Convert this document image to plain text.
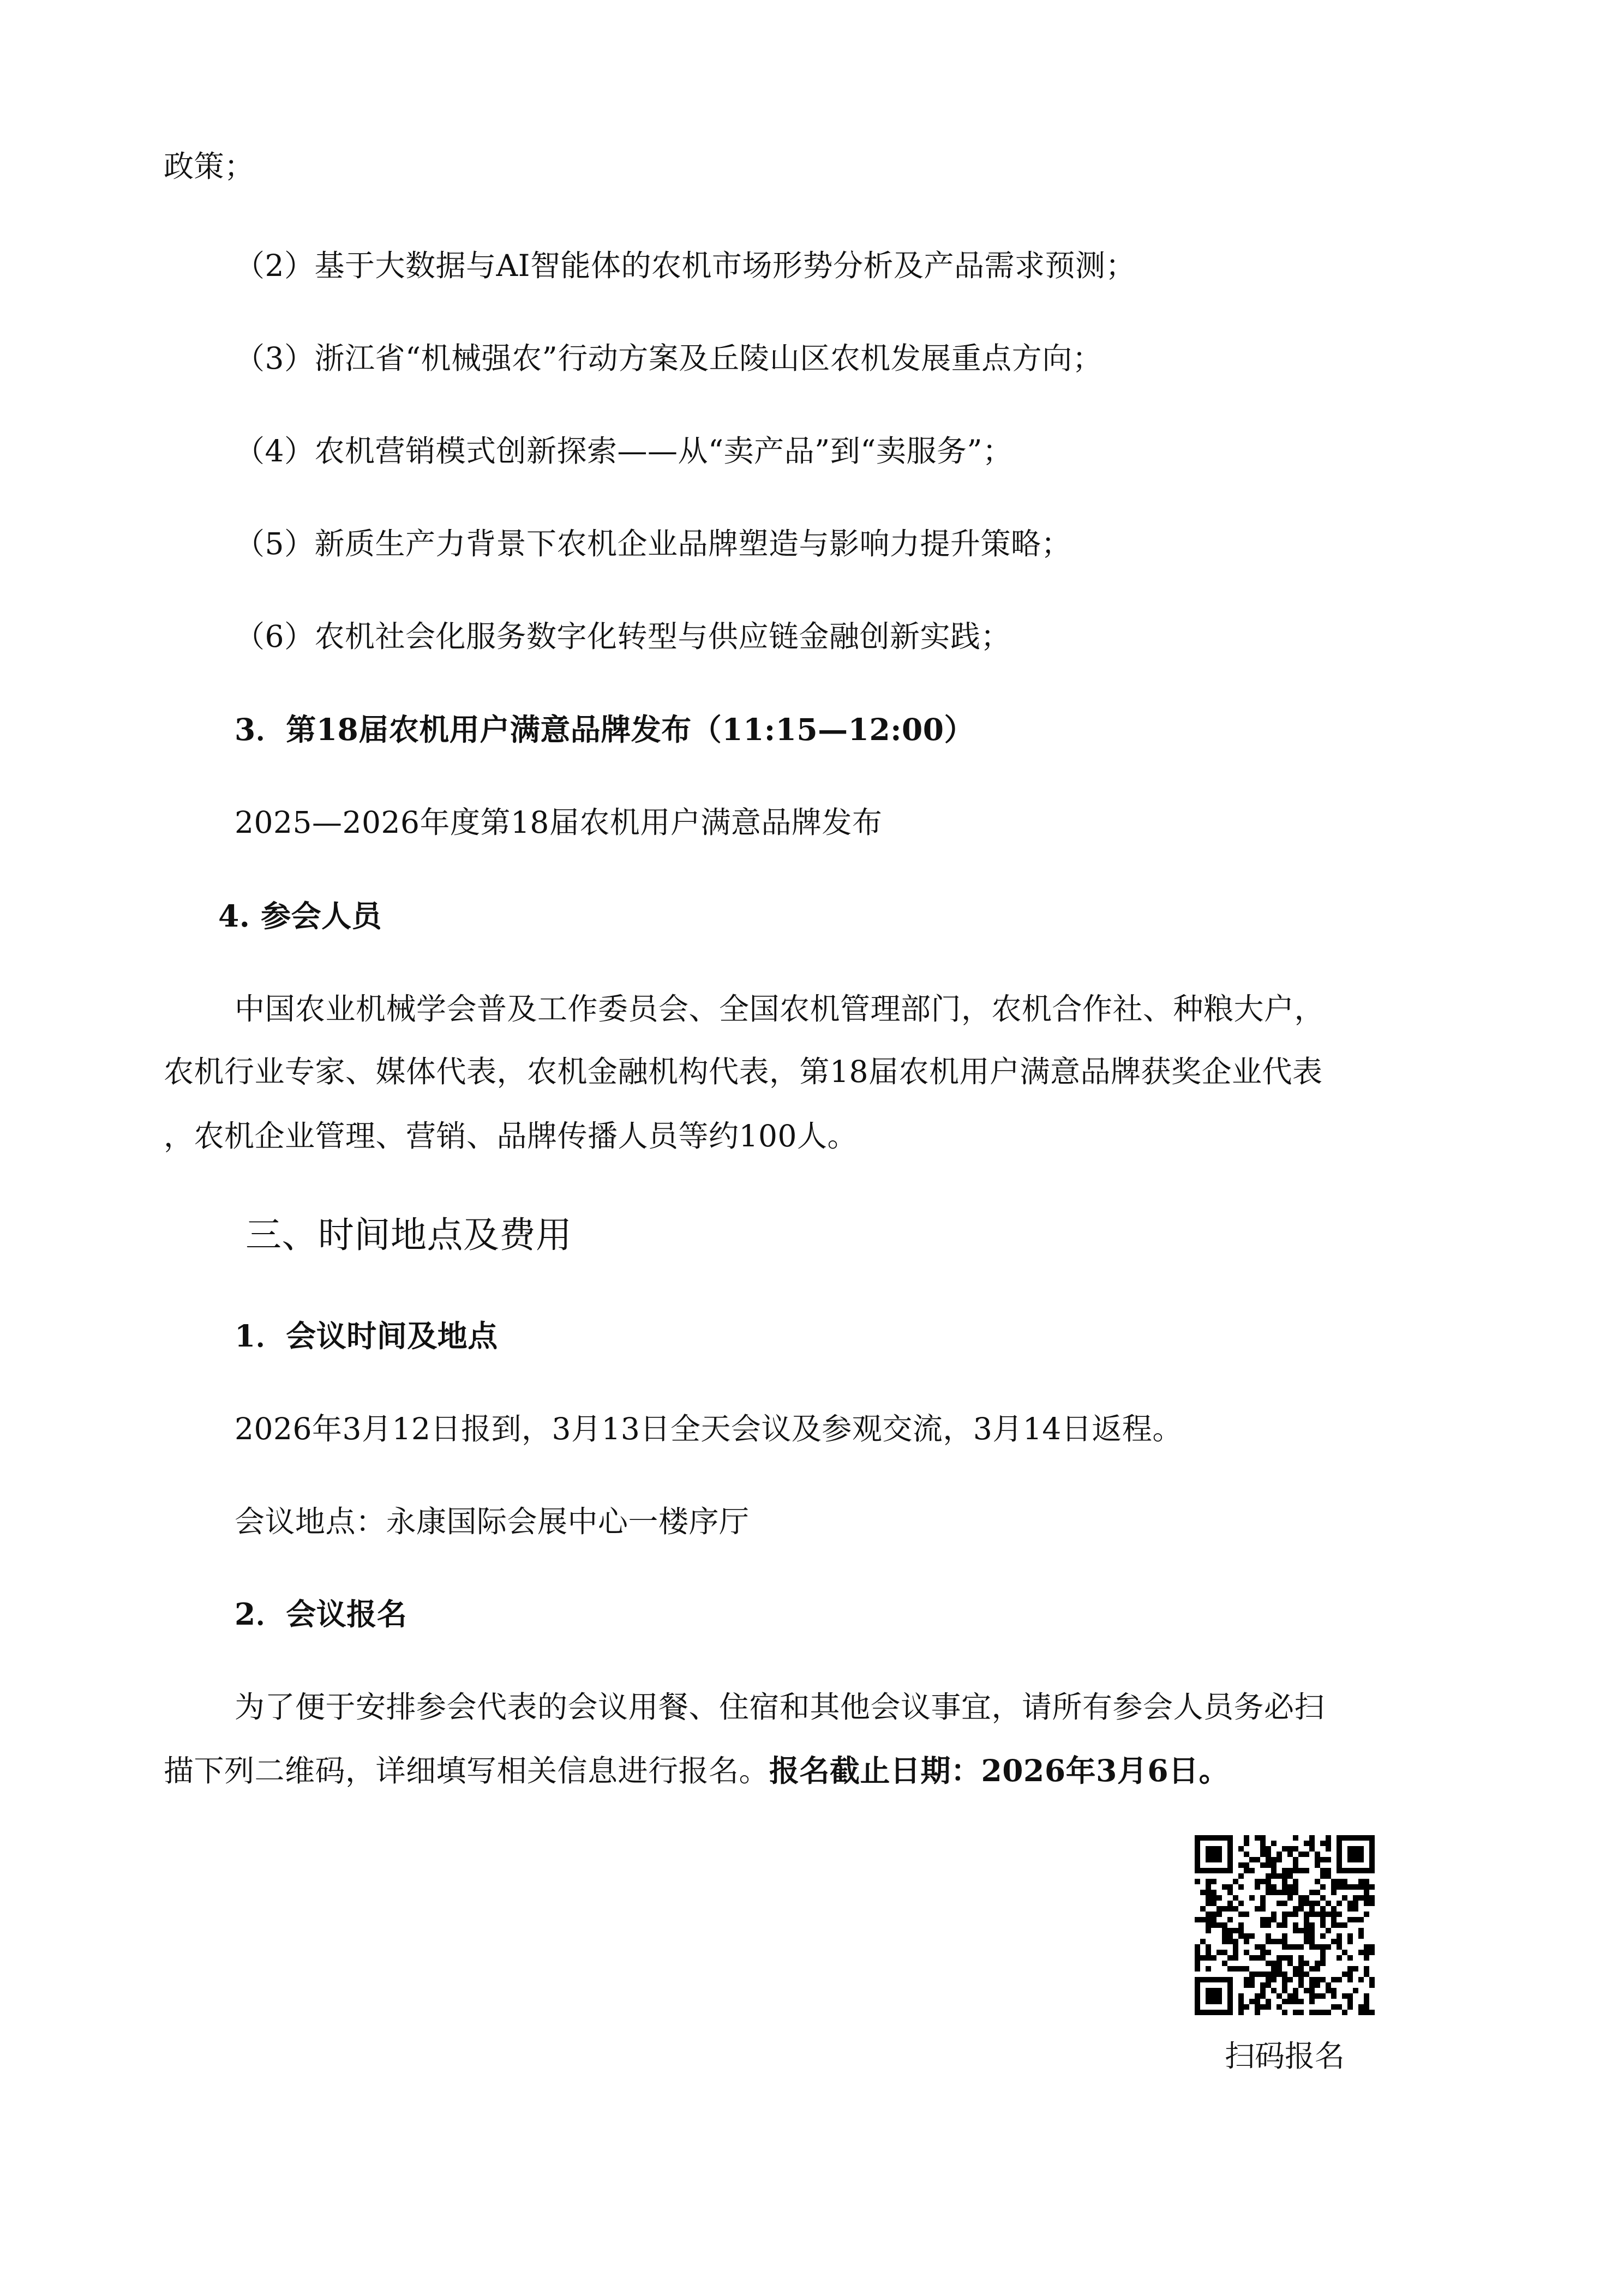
政策；

（2）基于大数据与AI智能体的农机市场形势分析及产品需求预测；

（3）浙江省“机械强农”行动方案及丘陵山区农机发展重点方向；

（4）农机营销模式创新探索——从“卖产品”到“卖服务”；

（5）新质生产力背景下农机企业品牌塑造与影响力提升策略；

（6）农机社会化服务数字化转型与供应链金融创新实践；

3．第18届农机用户满意品牌发布（11:15—12:00）

2025—2026年度第18届农机用户满意品牌发布

4. 参会人员

中国农业机械学会普及工作委员会、全国农机管理部门，农机合作社、种粮大户，

农机行业专家、媒体代表，农机金融机构代表，第18届农机用户满意品牌获奖企业代表

，农机企业管理、营销、品牌传播人员等约100人。

三、时间地点及费用

1．会议时间及地点

2026年3月12日报到，3月13日全天会议及参观交流，3月14日返程。

会议地点：永康国际会展中心一楼序厅

2．会议报名

为了便于安排参会代表的会议用餐、住宿和其他会议事宜，请所有参会人员务必扫

描下列二维码，详细填写相关信息进行报名。报名截止日期：2026年3月6日。

扫码报名
